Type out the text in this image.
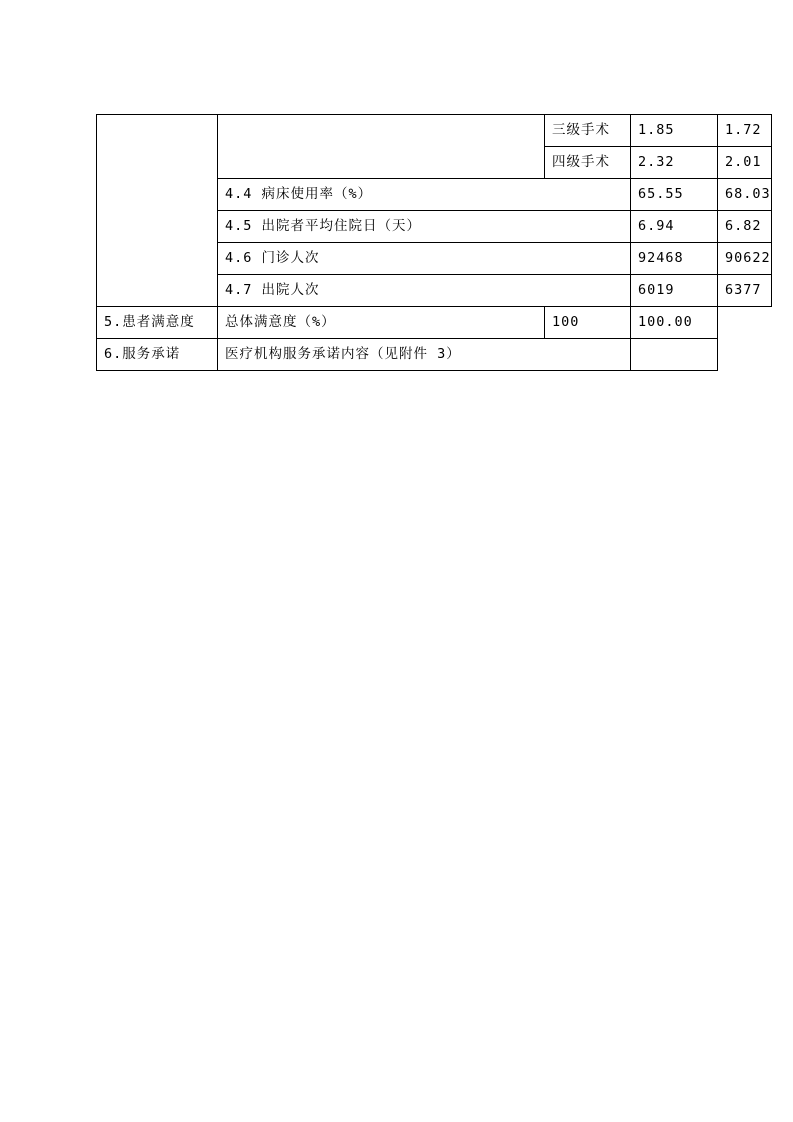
		三级手术	1.85	1.72
		四级手术	2.32	2.01
	4.4 病床使用率（%）		65.55	68.03
	4.5 出院者平均住院日（天）		6.94	6.82
	4.6 门诊人次		92468	90622
	4.7 出院人次		6019	6377
5.患者满意度	总体满意度（%）	100	100.00	
6.服务承诺	医疗机构服务承诺内容（见附件 3）			
